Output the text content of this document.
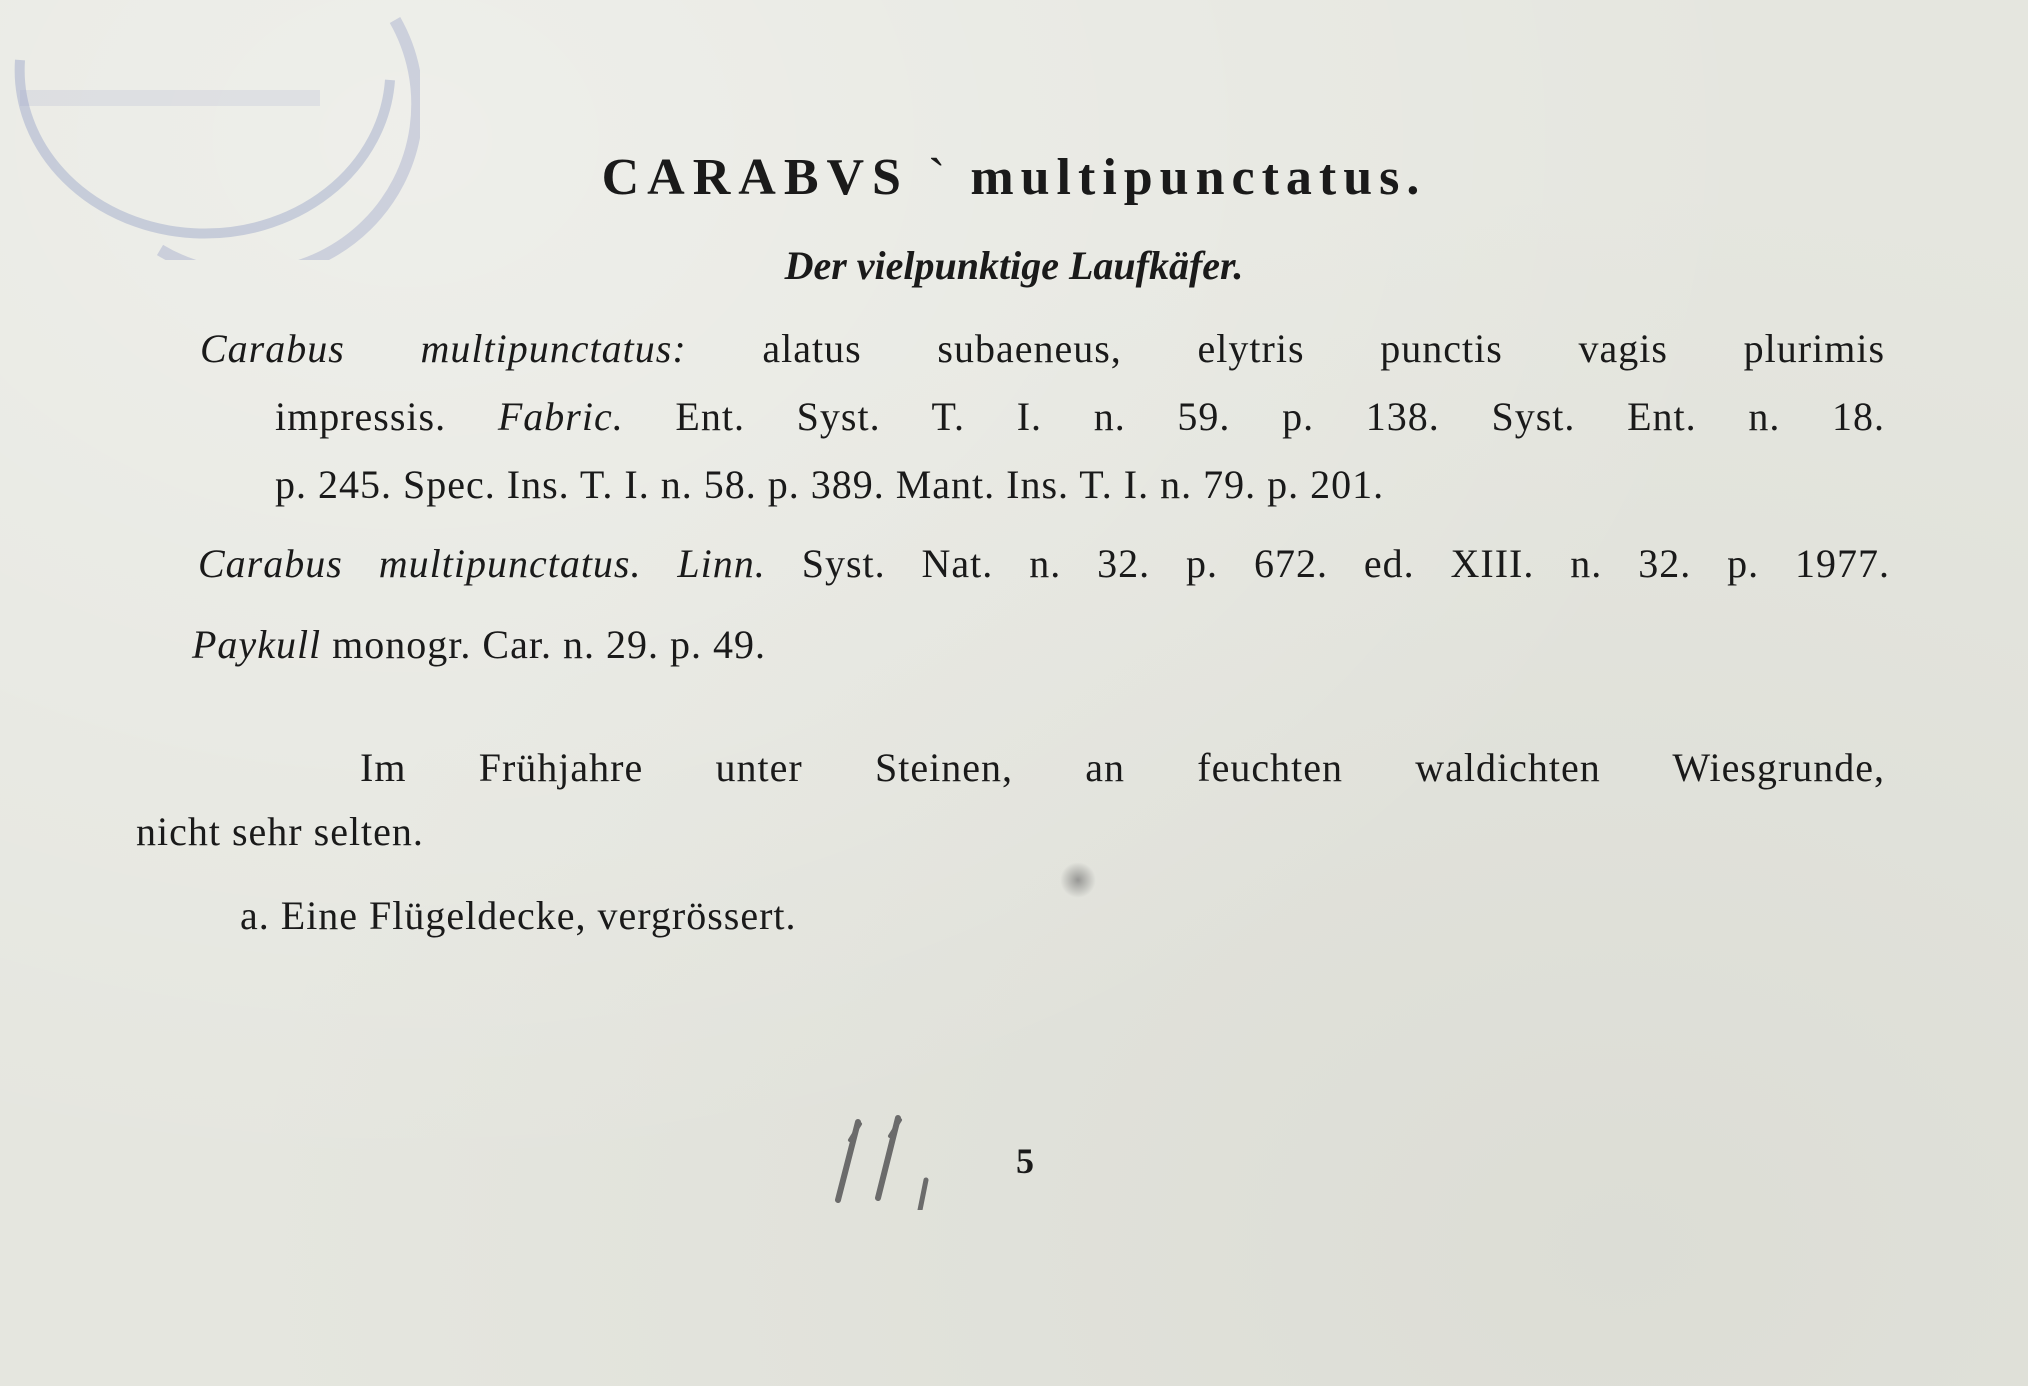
CARABVS ` multipunctatus.
Der vielpunktige Laufkäfer.
Carabus multipunctatus: alatus subaeneus, elytris punctis vagis plurimis
impressis. Fabric. Ent. Syst. T. I. n. 59. p. 138. Syst. Ent. n. 18.
p. 245. Spec. Ins. T. I. n. 58. p. 389. Mant. Ins. T. I. n. 79. p. 201.
Carabus multipunctatus. Linn. Syst. Nat. n. 32. p. 672. ed. XIII. n. 32. p. 1977.
Paykull monogr. Car. n. 29. p. 49.
Im Frühjahre unter Steinen, an feuchten waldichten Wiesgrunde,
nicht sehr selten.
a. Eine Flügeldecke, vergrössert.
5
